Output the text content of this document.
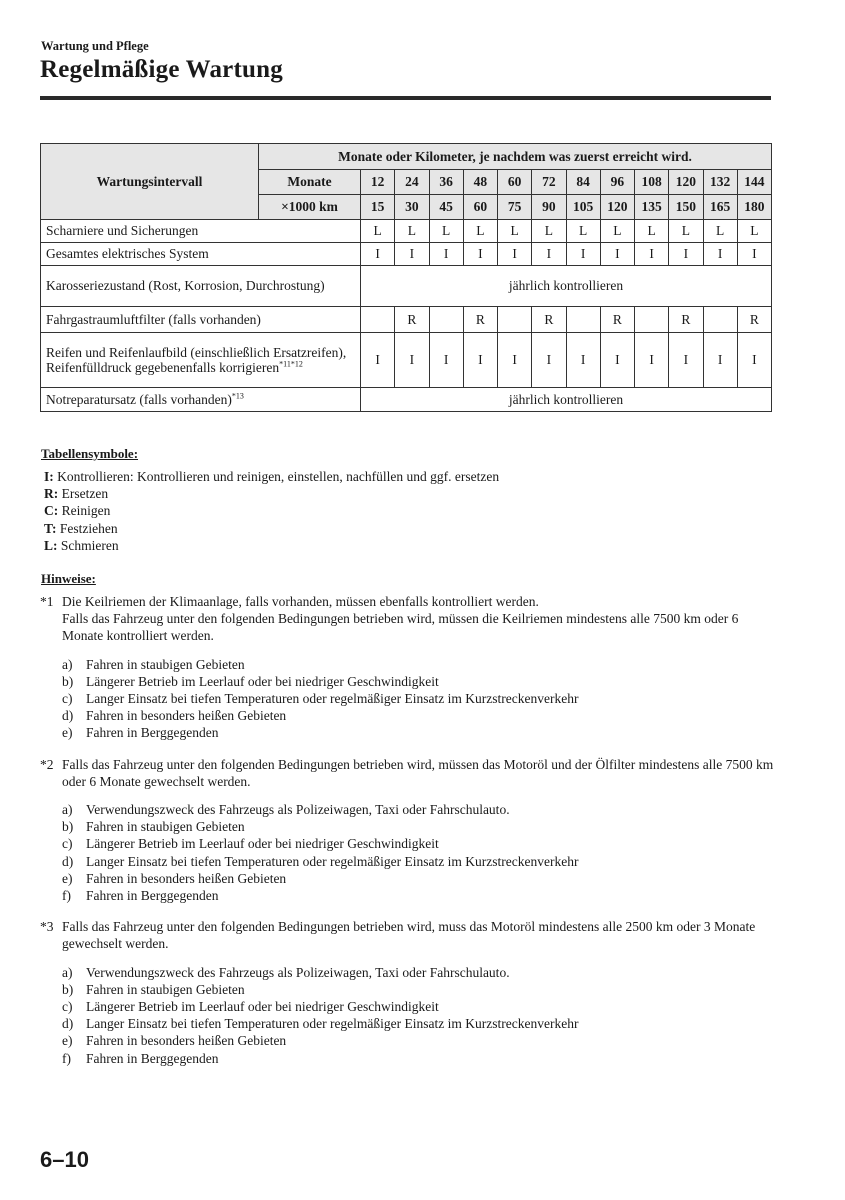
Wartung und Pflege
Regelmäßige Wartung
Wartungsintervall	Monate oder Kilometer, je nachdem was zuerst erreicht wird.												
	Monate	12	24	36	48	60	72	84	96	108	120	132	144
	×1000 km	15	30	45	60	75	90	105	120	135	150	165	180
Scharniere und Sicherungen		L	L	L	L	L	L	L	L	L	L	L	L
Gesamtes elektrisches System		I	I	I	I	I	I	I	I	I	I	I	I
Karosseriezustand (Rost, Korrosion, Durchrostung)		jährlich kontrollieren											
Fahrgastraumluftfilter (falls vorhanden)			R		R		R		R		R		R
Reifen und Reifenlaufbild (einschließlich Ersatzreifen), Reifenfülldruck gegebenenfalls korrigieren$^{*11*12}$		I	I	I	I	I	I	I	I	I	I	I	I
Notreparatursatz (falls vorhanden)$^{*13}$		jährlich kontrollieren											
Tabellensymbole:
I: Kontrollieren: Kontrollieren und reinigen, einstellen, nachfüllen und ggf. ersetzen
R: Ersetzen
C: Reinigen
T: Festziehen
L: Schmieren
Hinweise:
*1 Die Keilriemen der Klimaanlage, falls vorhanden, müssen ebenfalls kontrolliert werden.
Falls das Fahrzeug unter den folgenden Bedingungen betrieben wird, müssen die Keilriemen mindestens alle 7500 km oder 6 Monate kontrolliert werden.
a) Fahren in staubigen Gebieten
b) Längerer Betrieb im Leerlauf oder bei niedriger Geschwindigkeit
c) Langer Einsatz bei tiefen Temperaturen oder regelmäßiger Einsatz im Kurzstreckenverkehr
d) Fahren in besonders heißen Gebieten
e) Fahren in Berggegenden
*2 Falls das Fahrzeug unter den folgenden Bedingungen betrieben wird, müssen das Motoröl und der Ölfilter mindestens alle 7500 km oder 6 Monate gewechselt werden.
a) Verwendungszweck des Fahrzeugs als Polizeiwagen, Taxi oder Fahrschulauto.
b) Fahren in staubigen Gebieten
c) Längerer Betrieb im Leerlauf oder bei niedriger Geschwindigkeit
d) Langer Einsatz bei tiefen Temperaturen oder regelmäßiger Einsatz im Kurzstreckenverkehr
e) Fahren in besonders heißen Gebieten
f) Fahren in Berggegenden
*3 Falls das Fahrzeug unter den folgenden Bedingungen betrieben wird, muss das Motoröl mindestens alle 2500 km oder 3 Monate gewechselt werden.
a) Verwendungszweck des Fahrzeugs als Polizeiwagen, Taxi oder Fahrschulauto.
b) Fahren in staubigen Gebieten
c) Längerer Betrieb im Leerlauf oder bei niedriger Geschwindigkeit
d) Langer Einsatz bei tiefen Temperaturen oder regelmäßiger Einsatz im Kurzstreckenverkehr
e) Fahren in besonders heißen Gebieten
f) Fahren in Berggegenden
6–10
